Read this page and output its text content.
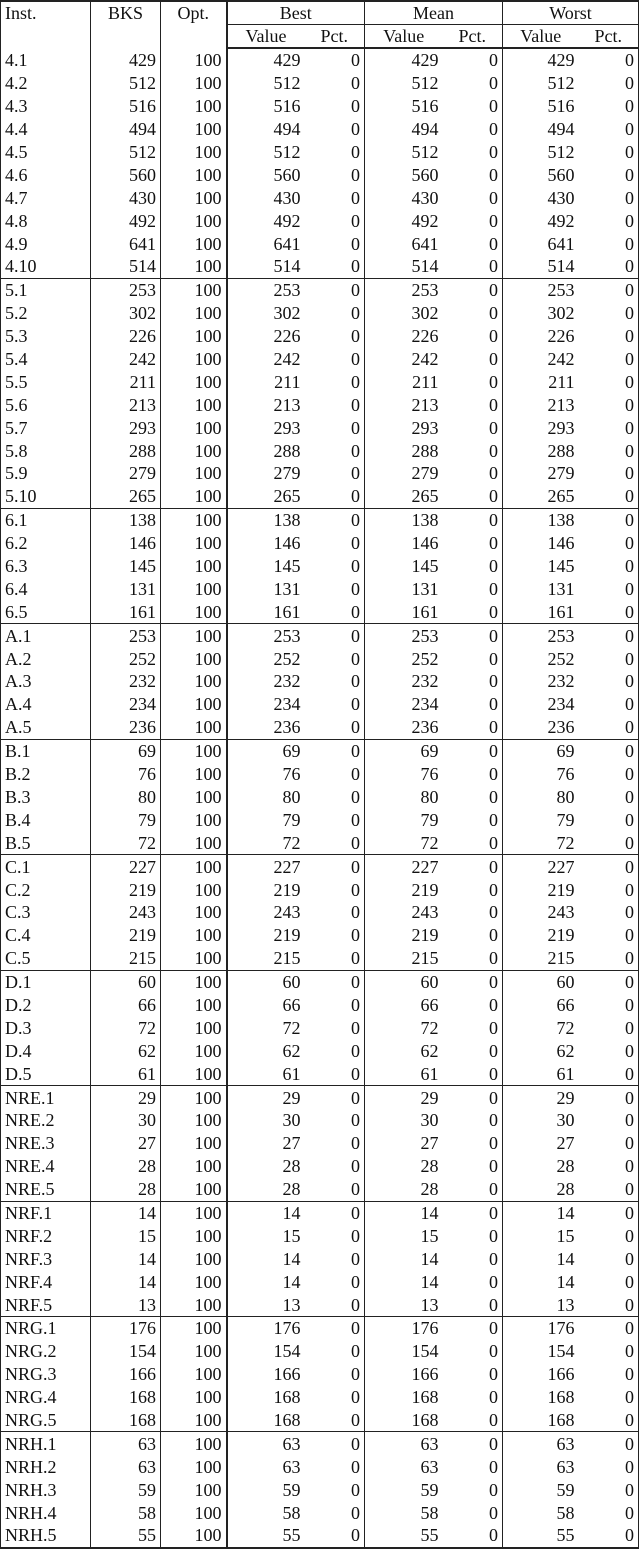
Inst.	BKS	Opt.	Best		Mean		Worst	
			Value	Pct.	Value	Pct.	Value	Pct.
4.1	429	100	429	0	429	0	429	0
4.2	512	100	512	0	512	0	512	0
4.3	516	100	516	0	516	0	516	0
4.4	494	100	494	0	494	0	494	0
4.5	512	100	512	0	512	0	512	0
4.6	560	100	560	0	560	0	560	0
4.7	430	100	430	0	430	0	430	0
4.8	492	100	492	0	492	0	492	0
4.9	641	100	641	0	641	0	641	0
4.10	514	100	514	0	514	0	514	0
5.1	253	100	253	0	253	0	253	0
5.2	302	100	302	0	302	0	302	0
5.3	226	100	226	0	226	0	226	0
5.4	242	100	242	0	242	0	242	0
5.5	211	100	211	0	211	0	211	0
5.6	213	100	213	0	213	0	213	0
5.7	293	100	293	0	293	0	293	0
5.8	288	100	288	0	288	0	288	0
5.9	279	100	279	0	279	0	279	0
5.10	265	100	265	0	265	0	265	0
6.1	138	100	138	0	138	0	138	0
6.2	146	100	146	0	146	0	146	0
6.3	145	100	145	0	145	0	145	0
6.4	131	100	131	0	131	0	131	0
6.5	161	100	161	0	161	0	161	0
A.1	253	100	253	0	253	0	253	0
A.2	252	100	252	0	252	0	252	0
A.3	232	100	232	0	232	0	232	0
A.4	234	100	234	0	234	0	234	0
A.5	236	100	236	0	236	0	236	0
B.1	69	100	69	0	69	0	69	0
B.2	76	100	76	0	76	0	76	0
B.3	80	100	80	0	80	0	80	0
B.4	79	100	79	0	79	0	79	0
B.5	72	100	72	0	72	0	72	0
C.1	227	100	227	0	227	0	227	0
C.2	219	100	219	0	219	0	219	0
C.3	243	100	243	0	243	0	243	0
C.4	219	100	219	0	219	0	219	0
C.5	215	100	215	0	215	0	215	0
D.1	60	100	60	0	60	0	60	0
D.2	66	100	66	0	66	0	66	0
D.3	72	100	72	0	72	0	72	0
D.4	62	100	62	0	62	0	62	0
D.5	61	100	61	0	61	0	61	0
NRE.1	29	100	29	0	29	0	29	0
NRE.2	30	100	30	0	30	0	30	0
NRE.3	27	100	27	0	27	0	27	0
NRE.4	28	100	28	0	28	0	28	0
NRE.5	28	100	28	0	28	0	28	0
NRF.1	14	100	14	0	14	0	14	0
NRF.2	15	100	15	0	15	0	15	0
NRF.3	14	100	14	0	14	0	14	0
NRF.4	14	100	14	0	14	0	14	0
NRF.5	13	100	13	0	13	0	13	0
NRG.1	176	100	176	0	176	0	176	0
NRG.2	154	100	154	0	154	0	154	0
NRG.3	166	100	166	0	166	0	166	0
NRG.4	168	100	168	0	168	0	168	0
NRG.5	168	100	168	0	168	0	168	0
NRH.1	63	100	63	0	63	0	63	0
NRH.2	63	100	63	0	63	0	63	0
NRH.3	59	100	59	0	59	0	59	0
NRH.4	58	100	58	0	58	0	58	0
NRH.5	55	100	55	0	55	0	55	0
